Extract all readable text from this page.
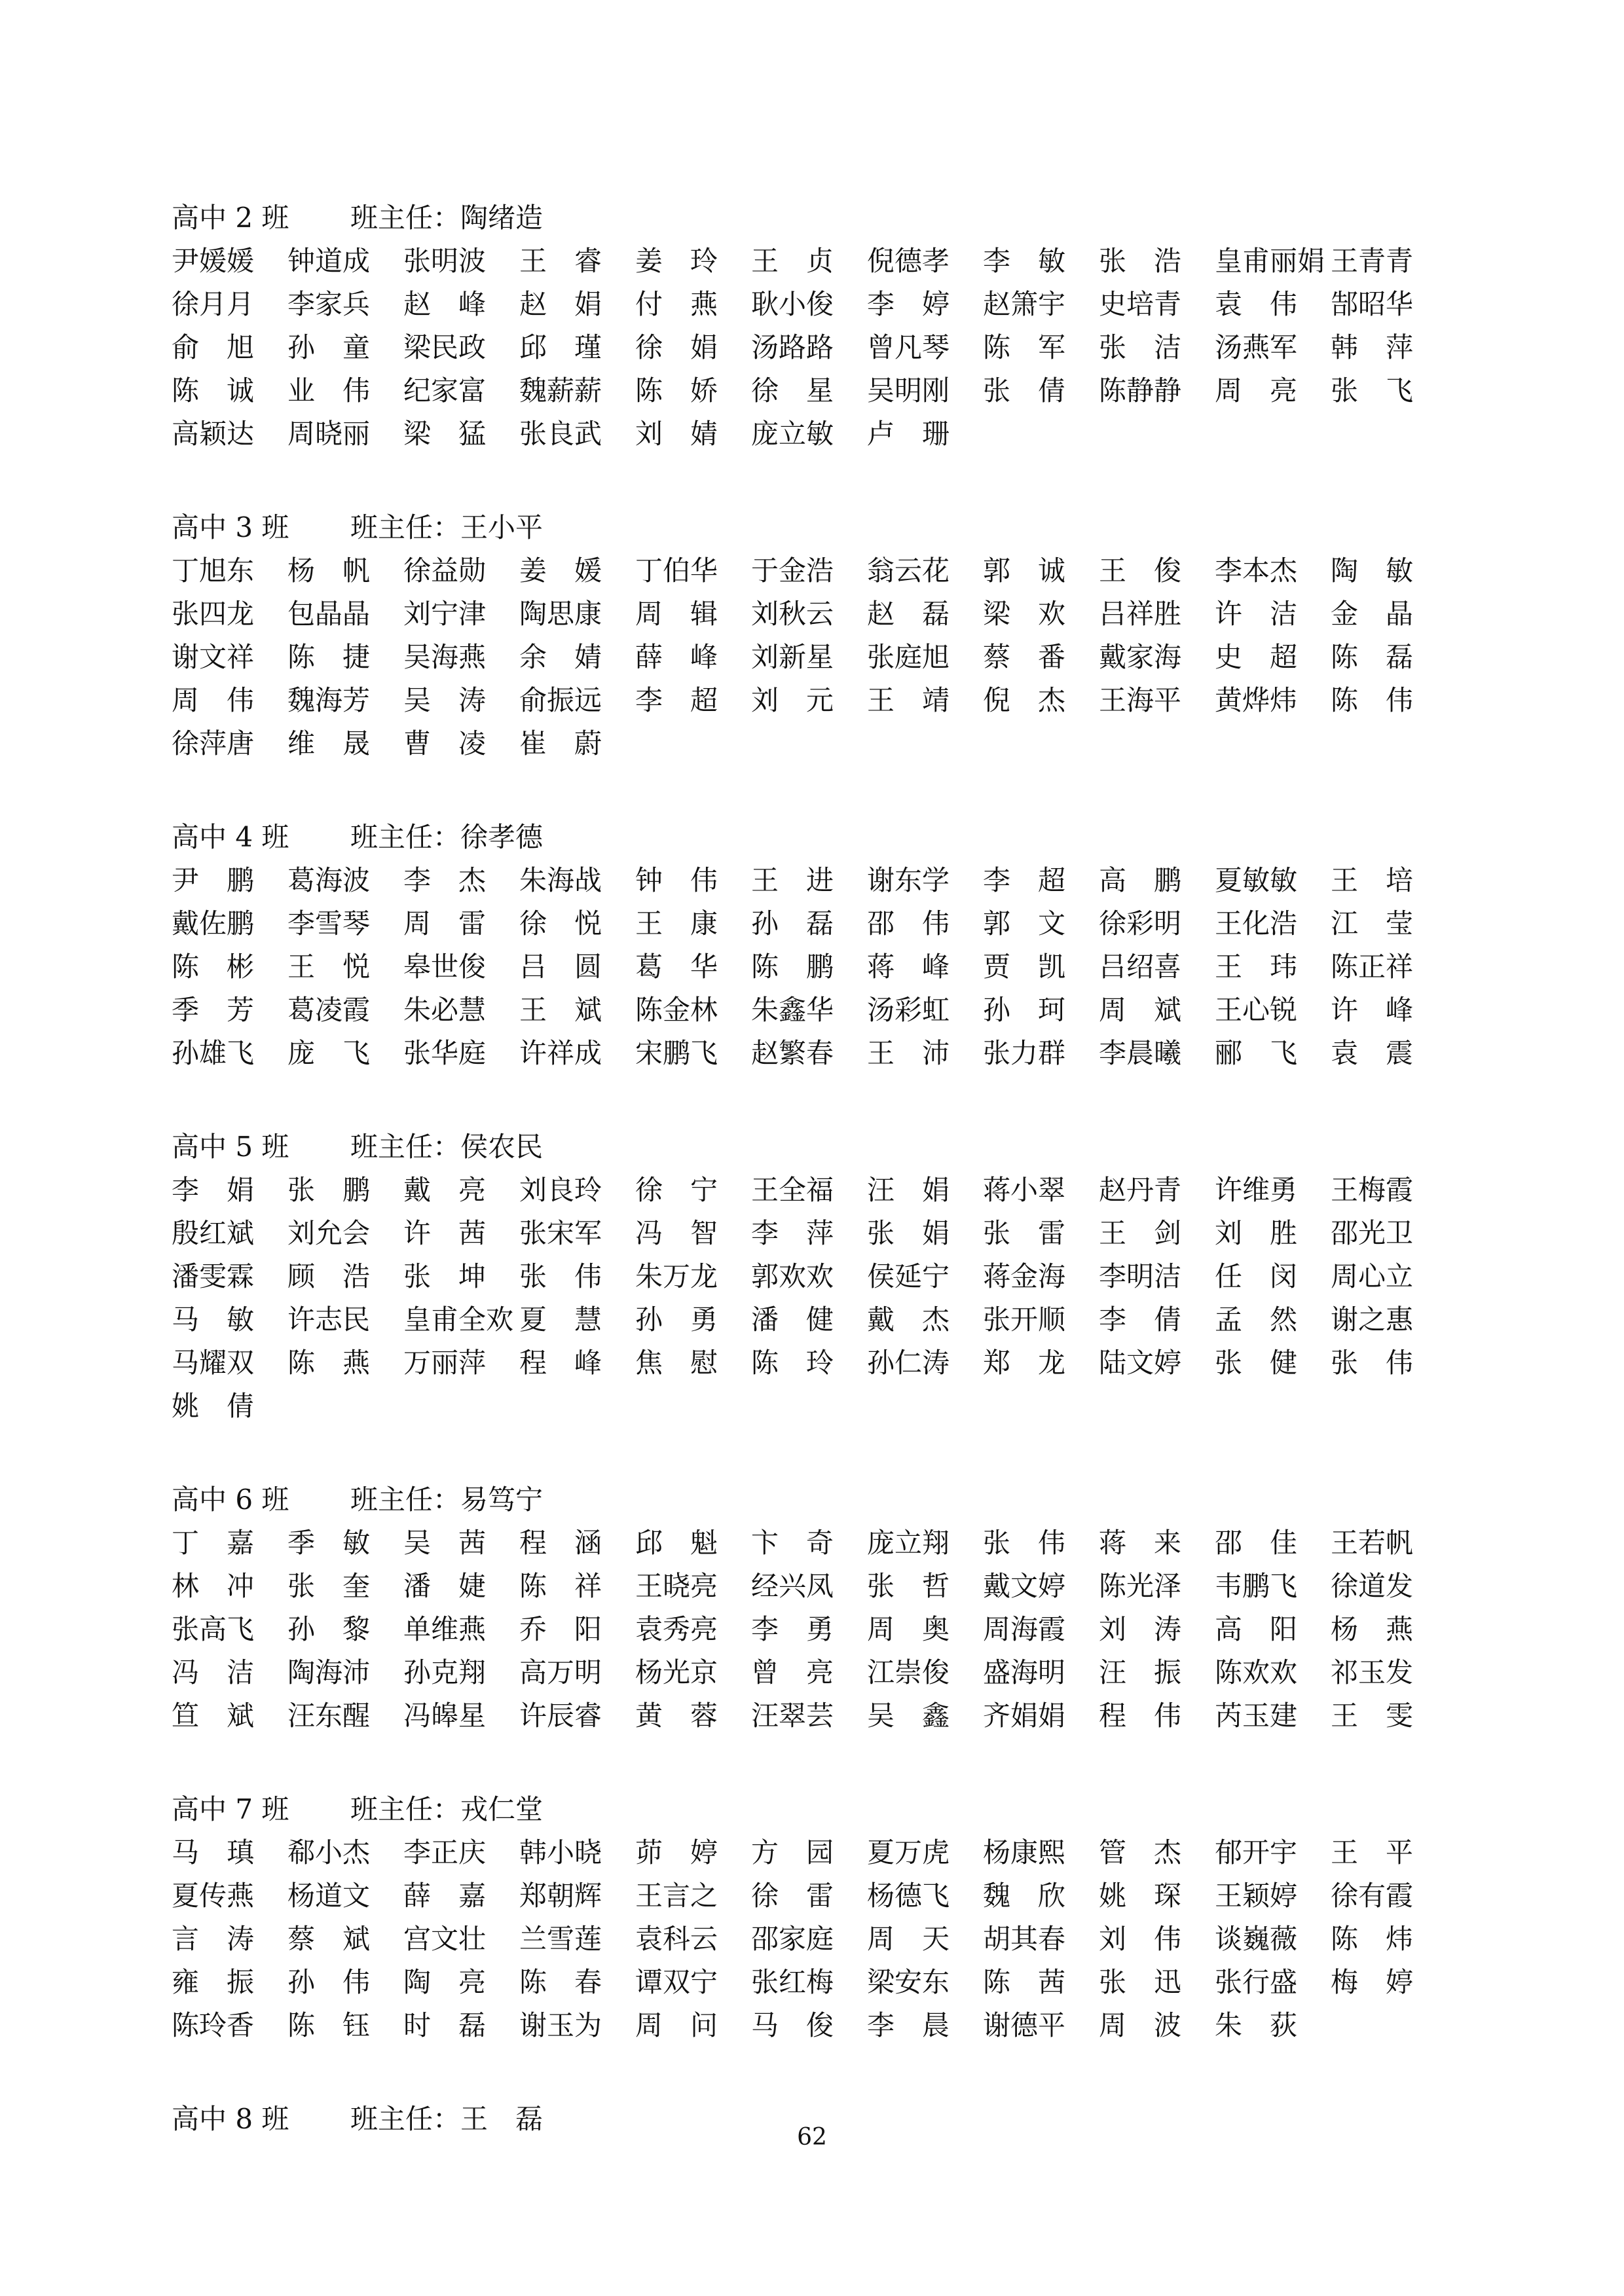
高中 2 班 班主任：陶绪造
尹媛媛	钟道成	张明波	王　睿	姜　玲	王　贞	倪德孝	李　敏	张　浩	皇甫丽娟 王青青
徐月月	李家兵	赵　峰	赵　娟	付　燕	耿小俊	李　婷	赵箫宇	史培青	袁　伟	郜昭华
俞　旭	孙　童	梁民政	邱　瑾	徐　娟	汤路路	曾凡琴	陈　军	张　洁	汤燕军	韩　萍
陈　诚	业　伟	纪家富	魏薪薪	陈　娇	徐　星	吴明刚	张　倩	陈静静	周　亮	张　飞
高颖达	周晓丽	梁　猛	张良武	刘　婧	庞立敏	卢　珊
高中 3 班 班主任：王小平
丁旭东	杨　帆	徐益勋	姜　媛	丁伯华	于金浩	翁云花	郭　诚	王　俊	李本杰	陶　敏
张四龙	包晶晶	刘宁津	陶思康	周　辑	刘秋云	赵　磊	梁　欢	吕祥胜	许　洁	金　晶
谢文祥	陈　捷	吴海燕	余　婧	薛　峰	刘新星	张庭旭	蔡　番	戴家海	史　超	陈　磊
周　伟	魏海芳	吴　涛	俞振远	李　超	刘　元	王　靖	倪　杰	王海平	黄烨炜	陈　伟
徐萍唐	维　晟	曹　凌	崔　蔚
高中 4 班 班主任：徐孝德
尹　鹏	葛海波	李　杰	朱海战	钟　伟	王　进	谢东学	李　超	高　鹏	夏敏敏	王　培
戴佐鹏	李雪琴	周　雷	徐　悦	王　康	孙　磊	邵　伟	郭　文	徐彩明	王化浩	江　莹
陈　彬	王　悦	皋世俊	吕　圆	葛　华	陈　鹏	蒋　峰	贾　凯	吕绍喜	王　玮	陈正祥
季　芳	葛凌霞	朱必慧	王　斌	陈金林	朱鑫华	汤彩虹	孙　珂	周　斌	王心锐	许　峰
孙雄飞	庞　飞	张华庭	许祥成	宋鹏飞	赵繁春	王　沛	张力群	李晨曦	郦　飞	袁　震
高中 5 班 班主任：侯农民
李　娟	张　鹏	戴　亮	刘良玲	徐　宁	王全福	汪　娟	蒋小翠	赵丹青	许维勇	王梅霞
殷红斌	刘允会	许　茜	张宋军	冯　智	李　萍	张　娟	张　雷	王　剑	刘　胜	邵光卫
潘雯霖	顾　浩	张　坤	张　伟	朱万龙	郭欢欢	侯延宁	蒋金海	李明洁	任　闵	周心立
马　敏	许志民	皇甫全欢 夏　慧	孙　勇	潘　健	戴　杰	张开顺	李　倩	孟　然	谢之惠
马耀双	陈　燕	万丽萍	程　峰	焦　慰	陈　玲	孙仁涛	郑　龙	陆文婷	张　健	张　伟
姚　倩
高中 6 班 班主任：易笃宁
丁　嘉	季　敏	吴　茜	程　涵	邱　魁	卞　奇	庞立翔	张　伟	蒋　来	邵　佳	王若帆
林　冲	张　奎	潘　婕	陈　祥	王晓亮	经兴凤	张　哲	戴文婷	陈光泽	韦鹏飞	徐道发
张高飞	孙　黎	单维燕	乔　阳	袁秀亮	李　勇	周　奥	周海霞	刘　涛	高　阳	杨　燕
冯　洁	陶海沛	孙克翔	高万明	杨光京	曾　亮	江崇俊	盛海明	汪　振	陈欢欢	祁玉发
笪　斌	汪东醒	冯皞星	许辰睿	黄　蓉	汪翠芸	吴　鑫	齐娟娟	程　伟	芮玉建	王　雯
高中 7 班 班主任：戎仁堂
马　瑱	郗小杰	李正庆	韩小晓	茆　婷	方　园	夏万虎	杨康熙	管　杰	郁开宇	王　平
夏传燕	杨道文	薛　嘉	郑朝辉	王言之	徐　雷	杨德飞	魏　欣	姚　琛	王颖婷	徐有霞
言　涛	蔡　斌	宫文壮	兰雪莲	袁科云	邵家庭	周　天	胡其春	刘　伟	谈巍薇	陈　炜
雍　振	孙　伟	陶　亮	陈　春	谭双宁	张红梅	梁安东	陈　茜	张　迅	张行盛	梅　婷
陈玲香	陈　钰	时　磊	谢玉为	周　问	马　俊	李　晨	谢德平	周　波	朱　荻
高中 8 班 班主任：王　磊
62
